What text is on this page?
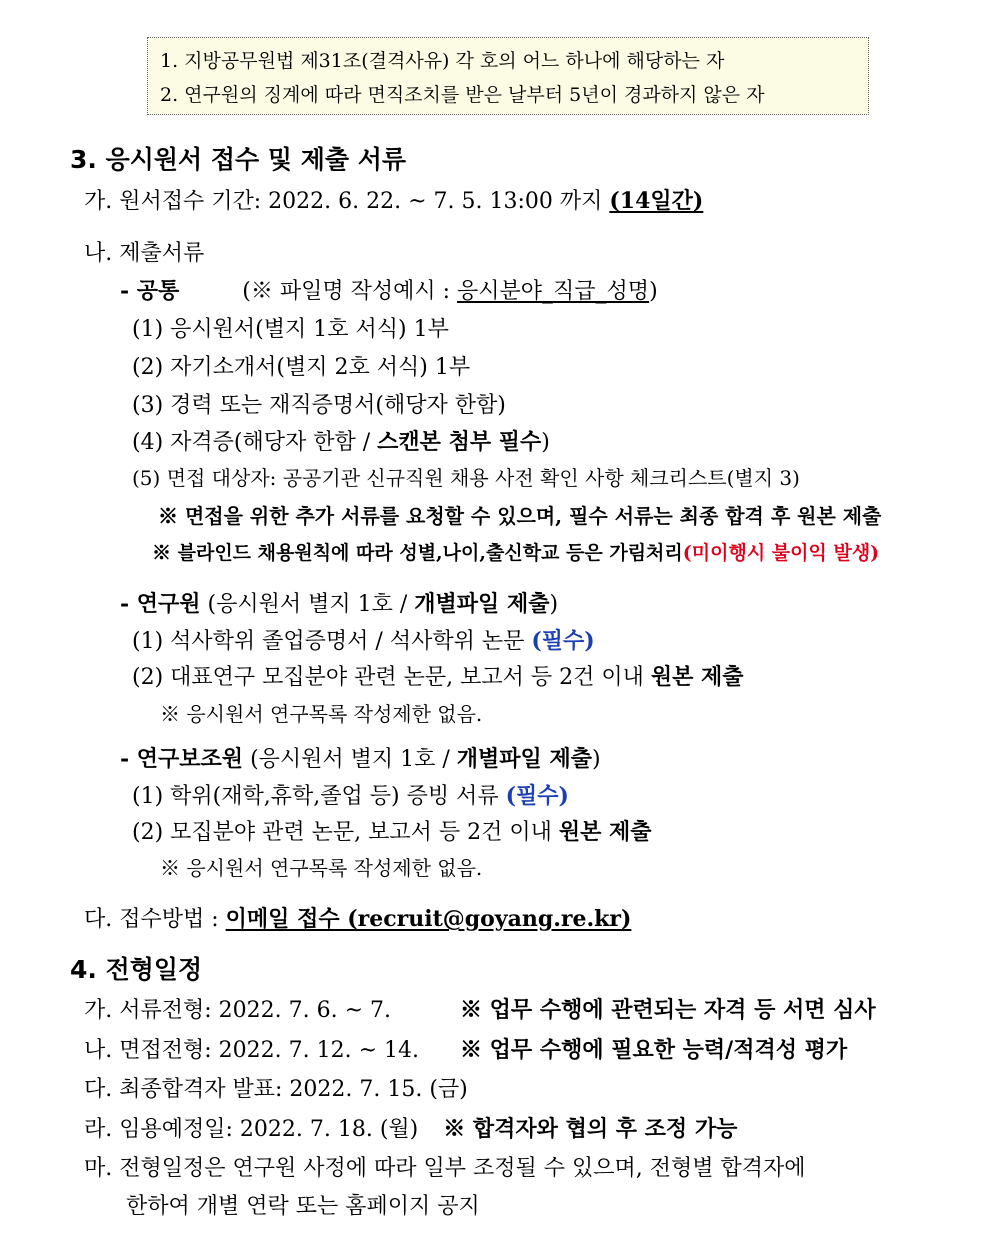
1. 지방공무원법 제31조(결격사유) 각 호의 어느 하나에 해당하는 자
2. 연구원의 징계에 따라 면직조치를 받은 날부터 5년이 경과하지 않은 자
3. 응시원서 접수 및 제출 서류
가. 원서접수 기간: 2022. 6. 22. ~ 7. 5. 13:00 까지 (14일간)
나. 제출서류
- 공통	(※ 파일명 작성예시 : 응시분야_직급_성명)
(1) 응시원서(별지 1호 서식) 1부
(2) 자기소개서(별지 2호 서식) 1부
(3) 경력 또는 재직증명서(해당자 한함)
(4) 자격증(해당자 한함 / 스캔본 첨부 필수)
(5) 면접 대상자: 공공기관 신규직원 채용 사전 확인 사항 체크리스트(별지 3)
※ 면접을 위한 추가 서류를 요청할 수 있으며, 필수 서류는 최종 합격 후 원본 제출
※ 블라인드 채용원칙에 따라 성별,나이,출신학교 등은 가림처리(미이행시 불이익 발생)
- 연구원 (응시원서 별지 1호 / 개별파일 제출)
(1) 석사학위 졸업증명서 / 석사학위 논문 (필수)
(2) 대표연구 모집분야 관련 논문, 보고서 등 2건 이내 원본 제출
※ 응시원서 연구목록 작성제한 없음.
- 연구보조원 (응시원서 별지 1호 / 개별파일 제출)
(1) 학위(재학,휴학,졸업 등) 증빙 서류 (필수)
(2) 모집분야 관련 논문, 보고서 등 2건 이내 원본 제출
※ 응시원서 연구목록 작성제한 없음.
다. 접수방법 : 이메일 접수 (recruit@goyang.re.kr)
4. 전형일정
가. 서류전형: 2022. 7. 6. ~ 7.	※ 업무 수행에 관련되는 자격 등 서면 심사
나. 면접전형: 2022. 7. 12. ~ 14. ※ 업무 수행에 필요한 능력/적격성 평가
다. 최종합격자 발표: 2022. 7. 15. (금)
라. 임용예정일: 2022. 7. 18. (월) ※ 합격자와 협의 후 조정 가능
마. 전형일정은 연구원 사정에 따라 일부 조정될 수 있으며, 전형별 합격자에
한하여 개별 연락 또는 홈페이지 공지
